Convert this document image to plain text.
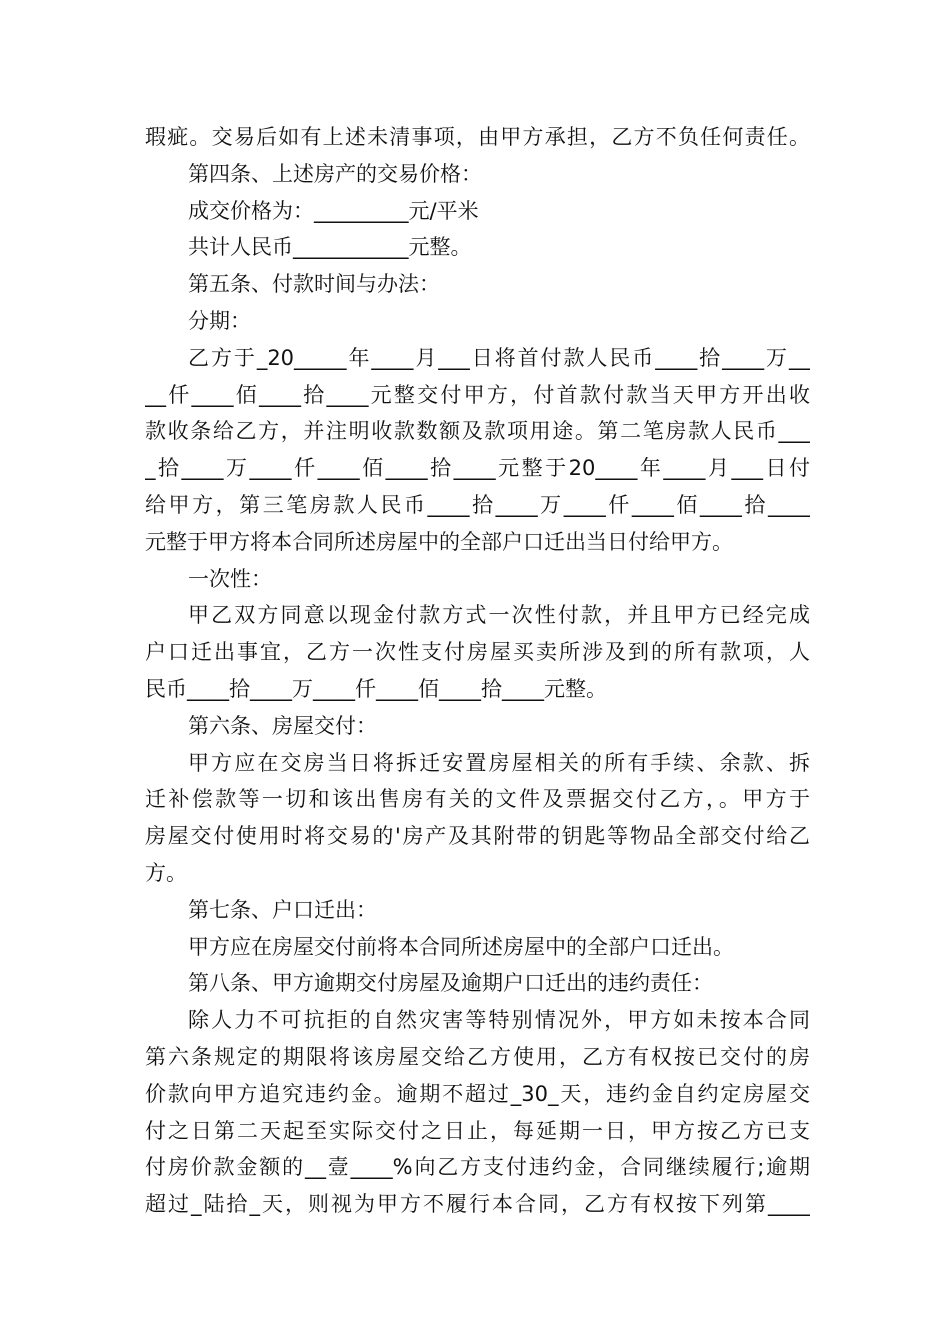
瑕疵。交易后如有上述未清事项，由甲方承担，乙方不负任何责任。
第四条、上述房产的交易价格：
成交价格为：_________元/平米
共计人民币___________元整。
第五条、付款时间与办法：
分期：
乙方于_20_____年____月___日将首付款人民币____拾____万__
__仟____佰____拾____元整交付甲方，付首款付款当天甲方开出收
款收条给乙方，并注明收款数额及款项用途。第二笔房款人民币___
_拾____万____仟____佰____拾____元整于20____年____月___日付
给甲方，第三笔房款人民币____拾____万____仟____佰____拾____
元整于甲方将本合同所述房屋中的全部户口迁出当日付给甲方。
一次性：
甲乙双方同意以现金付款方式一次性付款，并且甲方已经完成
户口迁出事宜，乙方一次性支付房屋买卖所涉及到的所有款项，人
民币____拾____万____仟____佰____拾____元整。
第六条、房屋交付：
甲方应在交房当日将拆迁安置房屋相关的所有手续、余款、拆
迁补偿款等一切和该出售房有关的文件及票据交付乙方，。甲方于
房屋交付使用时将交易的'房产及其附带的钥匙等物品全部交付给乙
方。
第七条、户口迁出：
甲方应在房屋交付前将本合同所述房屋中的全部户口迁出。
第八条、甲方逾期交付房屋及逾期户口迁出的违约责任：
除人力不可抗拒的自然灾害等特别情况外，甲方如未按本合同
第六条规定的期限将该房屋交给乙方使用，乙方有权按已交付的房
价款向甲方追究违约金。逾期不超过_30_天，违约金自约定房屋交
付之日第二天起至实际交付之日止，每延期一日，甲方按乙方已支
付房价款金额的__壹____%向乙方支付违约金，合同继续履行;逾期
超过_陆拾_天，则视为甲方不履行本合同，乙方有权按下列第____
